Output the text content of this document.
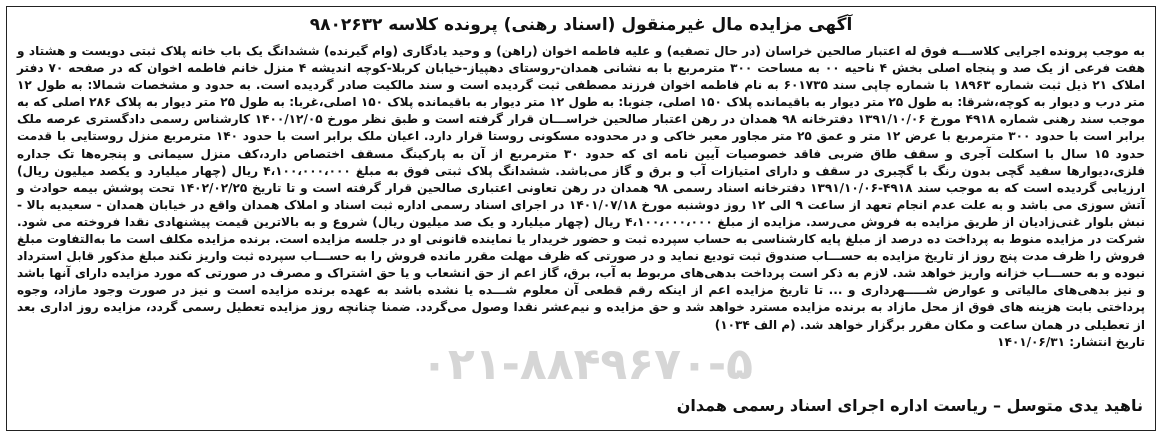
۰۲۱-۸۸۴۹۶۷۰-۵
آگهی مزایده مال غیرمنقول (اسناد رهنی) پرونده کلاسه ۹۸۰۲۶۳۲

به موجب پرونده اجرایی کلاســـه فوق له اعتبار صالحین خراسان (در حال تصفیه) و علیه فاطمه اخوان (راهن) و وحید یادگاری (وام گیرنده) ششدانگ یک باب خانه پلاک ثبتی دویست و هشتاد و هفت فرعی از یک صد و پنجاه اصلی بخش ۴ ناحیه ۰۰ به مساحت ۳۰۰ مترمربع با به نشانی همدان-روستای دهپیاز-خیابان کربلا-کوچه اندیشه ۴ منزل خانم فاطمه اخوان که در صفحه ۷۰ دفتر املاک ۲۱ ذیل ثبت شماره ۱۸۹۶۳ با شماره چاپی سند ۶۰۱۷۳۵ به نام فاطمه اخوان فرزند مصطفی ثبت گردیده است و سند مالکیت صادر گردیده است. به حدود و مشخصات شمالا: به طول ۱۲ متر درب و دیوار به کوچه،شرقا: به طول ۲۵ متر دیوار به باقیمانده پلاک ۱۵۰ اصلی، جنوبا: به طول ۱۲ متر دیوار به باقیمانده پلاک ۱۵۰ اصلی،غربا: به طول ۲۵ متر دیوار به پلاک ۲۸۶ اصلی که به موجب سند رهنی شماره ۴۹۱۸ مورخ ۱۳۹۱/۱۰/۰۶ دفترخانه ۹۸ همدان در رهن اعتبار صالحین خراســـان قرار گرفته است و طبق نظر مورخ ۱۴۰۰/۱۲/۰۵ کارشناس رسمی دادگستری عرصه ملک برابر است با حدود ۳۰۰ مترمربع با عرض ۱۲ متر و عمق ۲۵ متر مجاور معبر خاکی و در محدوده مسکونی روستا قرار دارد. اعیان ملک برابر است با حدود ۱۴۰ مترمربع منزل روستایی با قدمت حدود ۱۵ سال با اسکلت آجری و سقف طاق ضربی فاقد خصوصیات آیین نامه ای که حدود ۳۰ مترمربع از آن به پارکینگ مسقف اختصاص دارد،کف منزل سیمانی و پنجره‌ها تک جداره فلزی،دیوارها سفید گچی بدون رنگ با گچبری در سقف و دارای امتیازات آب و برق و گاز می‌باشد. ششدانگ پلاک ثبتی فوق به مبلغ ۴،۱۰۰،۰۰۰،۰۰۰ ریال (چهار میلیارد و یکصد میلیون ریال) ارزیابی گردیده است که به موجب سند ۴۹۱۸-۱۳۹۱/۱۰/۰۶ دفترخانه اسناد رسمی ۹۸ همدان در رهن تعاونی اعتباری صالحین قرار گرفته است و تا تاریخ ۱۴۰۲/۰۲/۲۵ تحت پوشش بیمه حوادث و آتش سوزی می باشد و به علت عدم انجام تعهد از ساعت ۹ الی ۱۲ روز دوشنبه مورخ ۱۴۰۱/۰۷/۱۸ در اجرای اسناد رسمی اداره ثبت اسناد و املاک همدان واقع در خیابان همدان - سعیدیه بالا - نبش بلوار غنی‌زادیان از طریق مزایده به فروش می‌رسد. مزایده از مبلغ ۴،۱۰۰،۰۰۰،۰۰۰ ریال (چهار میلیارد و یک صد میلیون ریال) شروع و به بالاترین قیمت پیشنهادی نقدا فروخته می شود. شرکت در مزایده منوط به پرداخت ده درصد از مبلغ پایه کارشناسی به حساب سپرده ثبت و حضور خریدار یا نماینده قانونی او در جلسه مزایده است. برنده مزایده مکلف است ما به‌التفاوت مبلغ فروش را ظرف مدت پنج روز از تاریخ مزایده به حســـاب صندوق ثبت تودیع نماید و در صورتی که ظرف مهلت مقرر مانده فروش را به حســـاب سپرده ثبت واریز نکند مبلغ مذکور قابل استرداد نبوده و به حســـاب خزانه واریز خواهد شد. لازم به ذکر است پرداخت بدهی‌های مربوط به آب، برق، گاز اعم از حق انشعاب و یا حق اشتراک و مصرف در صورتی که مورد مزایده دارای آنها باشد و نیز بدهی‌های مالیاتی و عوارض شـــــهرداری و ... تا تاریخ مزایده اعم از اینکه رقم قطعی آن معلوم شـــده یا نشده باشد به عهده برنده مزایده است و نیز در صورت وجود مازاد، وجوه پرداختی بابت هزینه های فوق از محل مازاد به برنده مزایده مسترد خواهد شد و حق مزایده و نیم‌عشر نقدا وصول می‌گردد. ضمنا چنانچه روز مزایده تعطیل رسمی گردد، مزایده روز اداری بعد از تعطیلی در همان ساعت و مکان مقرر برگزار خواهد شد. (م الف ۱۰۳۴)

تاریخ انتشار: ۱۴۰۱/۰۶/۳۱

ناهید یدی متوسل – ریاست اداره اجرای اسناد رسمی همدان
